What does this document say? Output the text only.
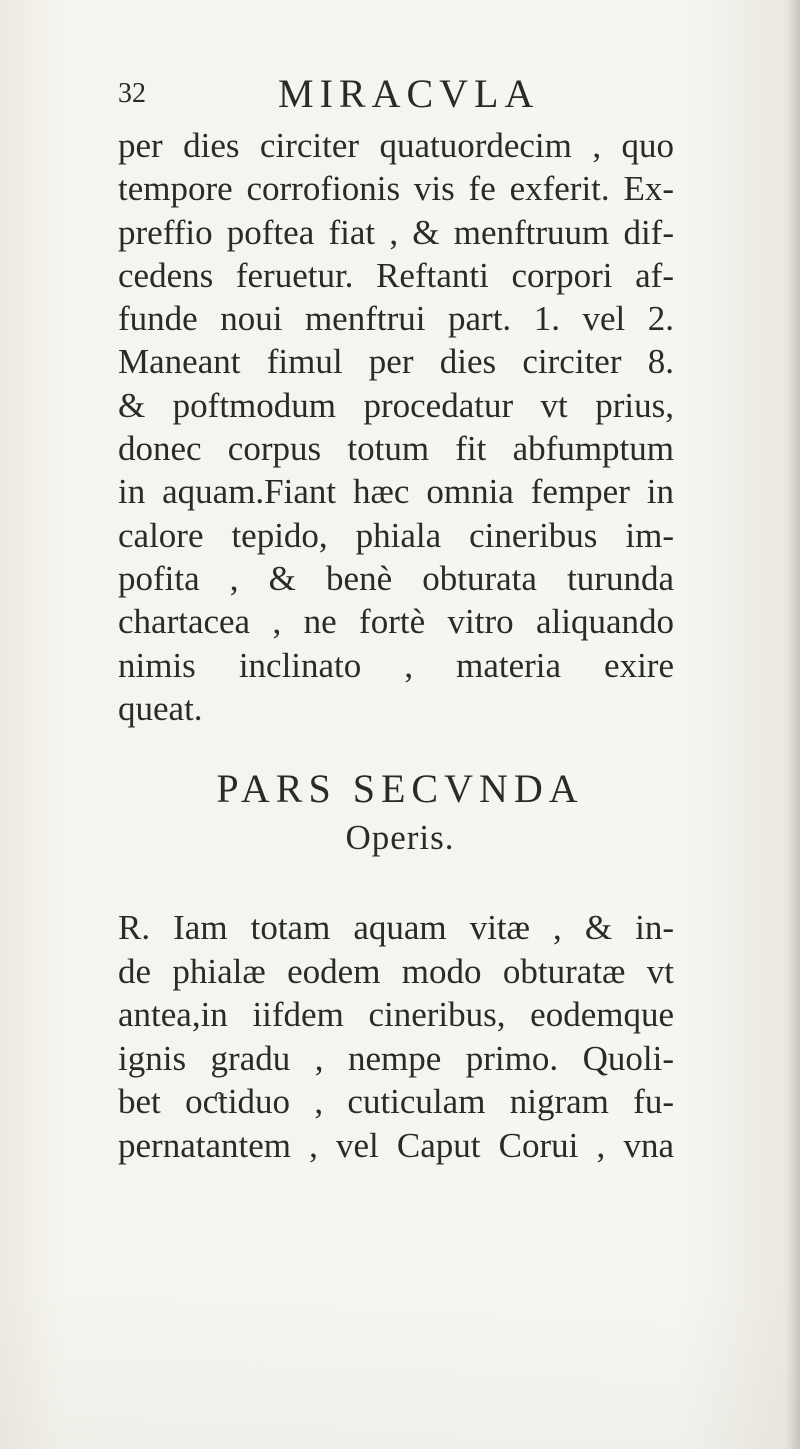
32	MIRACVLA
per dies circiter quatuordecim , quo
tempore corrofionis vis fe exferit. Ex-
preffio poftea fiat , & menftruum dif-
cedens feruetur. Reftanti corpori af-
funde noui menftrui part. 1. vel 2.
Maneant fimul per dies circiter 8.
& poftmodum procedatur vt prius,
donec corpus totum fit abfumptum
in aquam.Fiant hæc omnia femper in
calore tepido, phiala cineribus im-
pofita , & benè obturata turunda
chartacea , ne fortè vitro aliquando
nimis inclinato , materia exire
queat.
PARS SECVNDA
Operis.
R. Iam totam aquam vitæ , & in-
de phialæ eodem modo obturatæ vt
antea,in iifdem cineribus, eodemque
ignis gradu , nempe primo. Quoli-
bet oƈtiduo , cuticulam nigram fu-
pernatantem , vel Caput Corui , vna
